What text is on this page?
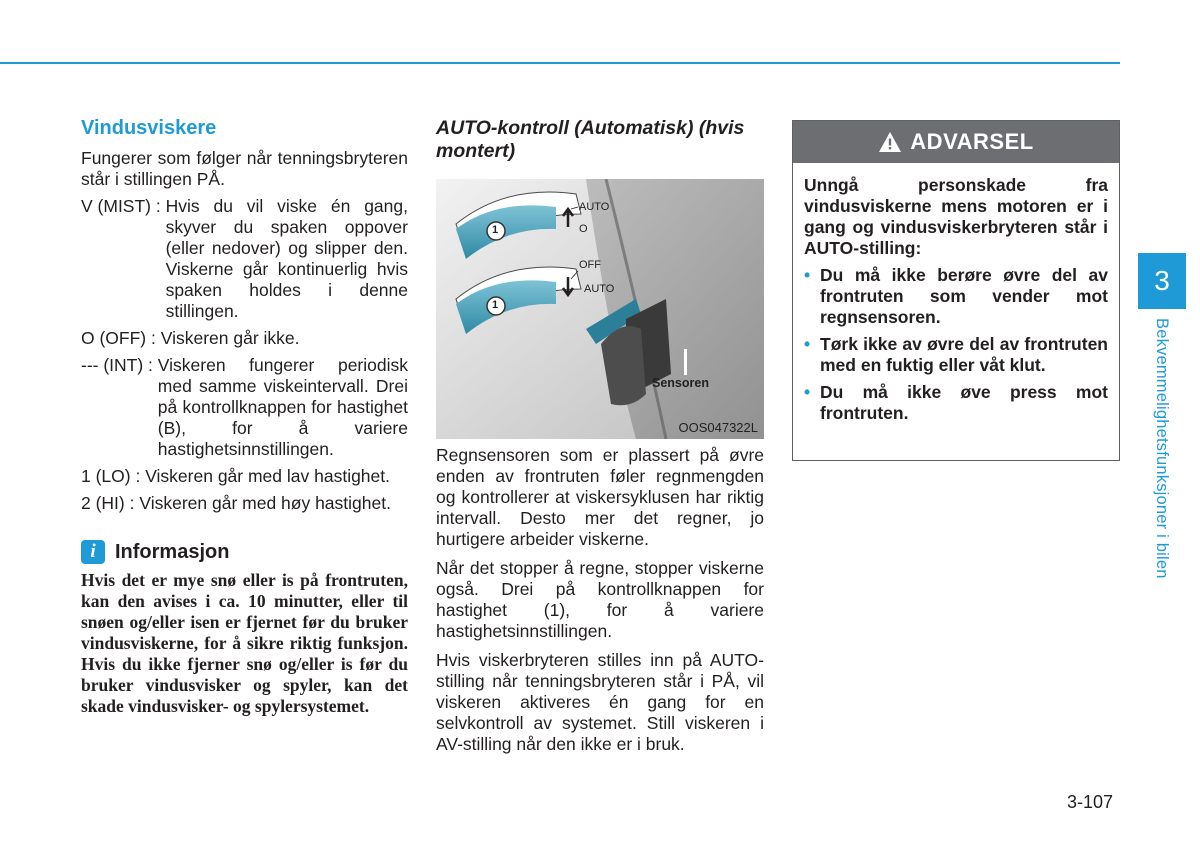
Vindusviskere
Fungerer som følger når tenningsbryteren står i stillingen PÅ.
V (MIST) : Hvis du vil viske én gang, skyver du spaken oppover (eller nedover) og slipper den. Viskerne går kontinuerlig hvis spaken holdes i denne stillingen.
O (OFF) : Viskeren går ikke.
--- (INT) : Viskeren fungerer periodisk med samme viskeintervall. Drei på kontrollknappen for hastighet (B), for å variere hastighetsinnstillingen.
1 (LO) : Viskeren går med lav hastighet.
2 (HI) : Viskeren går med høy hastighet.
i Informasjon
Hvis det er mye snø eller is på frontruten, kan den avises i ca. 10 minutter, eller til snøen og/eller isen er fjernet før du bruker vindusviskerne, for å sikre riktig funksjon. Hvis du ikke fjerner snø og/eller is før du bruker vindusvisker og spyler, kan det skade vindusvisker- og spylersystemet.
AUTO-kontroll (Automatisk) (hvis montert)
AUTO
O
OFF
AUTO
1
1
Sensoren
OOS047322L
Regnsensoren som er plassert på øvre enden av frontruten føler regnmengden og kontrollerer at viskersyklusen har riktig intervall. Desto mer det regner, jo hurtigere arbeider viskerne.
Når det stopper å regne, stopper viskerne også. Drei på kontrollknappen for hastighet (1), for å variere hastighetsinnstillingen.
Hvis viskerbryteren stilles inn på AUTO-stilling når tenningsbryteren står i PÅ, vil viskeren aktiveres én gang for en selvkontroll av systemet. Still viskeren i AV-stilling når den ikke er i bruk.
ADVARSEL
Unngå personskade fra vindusviskerne mens motoren er i gang og vindusviskerbryteren står i AUTO-stilling:
• Du må ikke berøre øvre del av frontruten som vender mot regnsensoren.
• Tørk ikke av øvre del av frontruten med en fuktig eller våt klut.
• Du må ikke øve press mot frontruten.
3
Bekvemmelighetsfunksjoner i bilen
3-107
